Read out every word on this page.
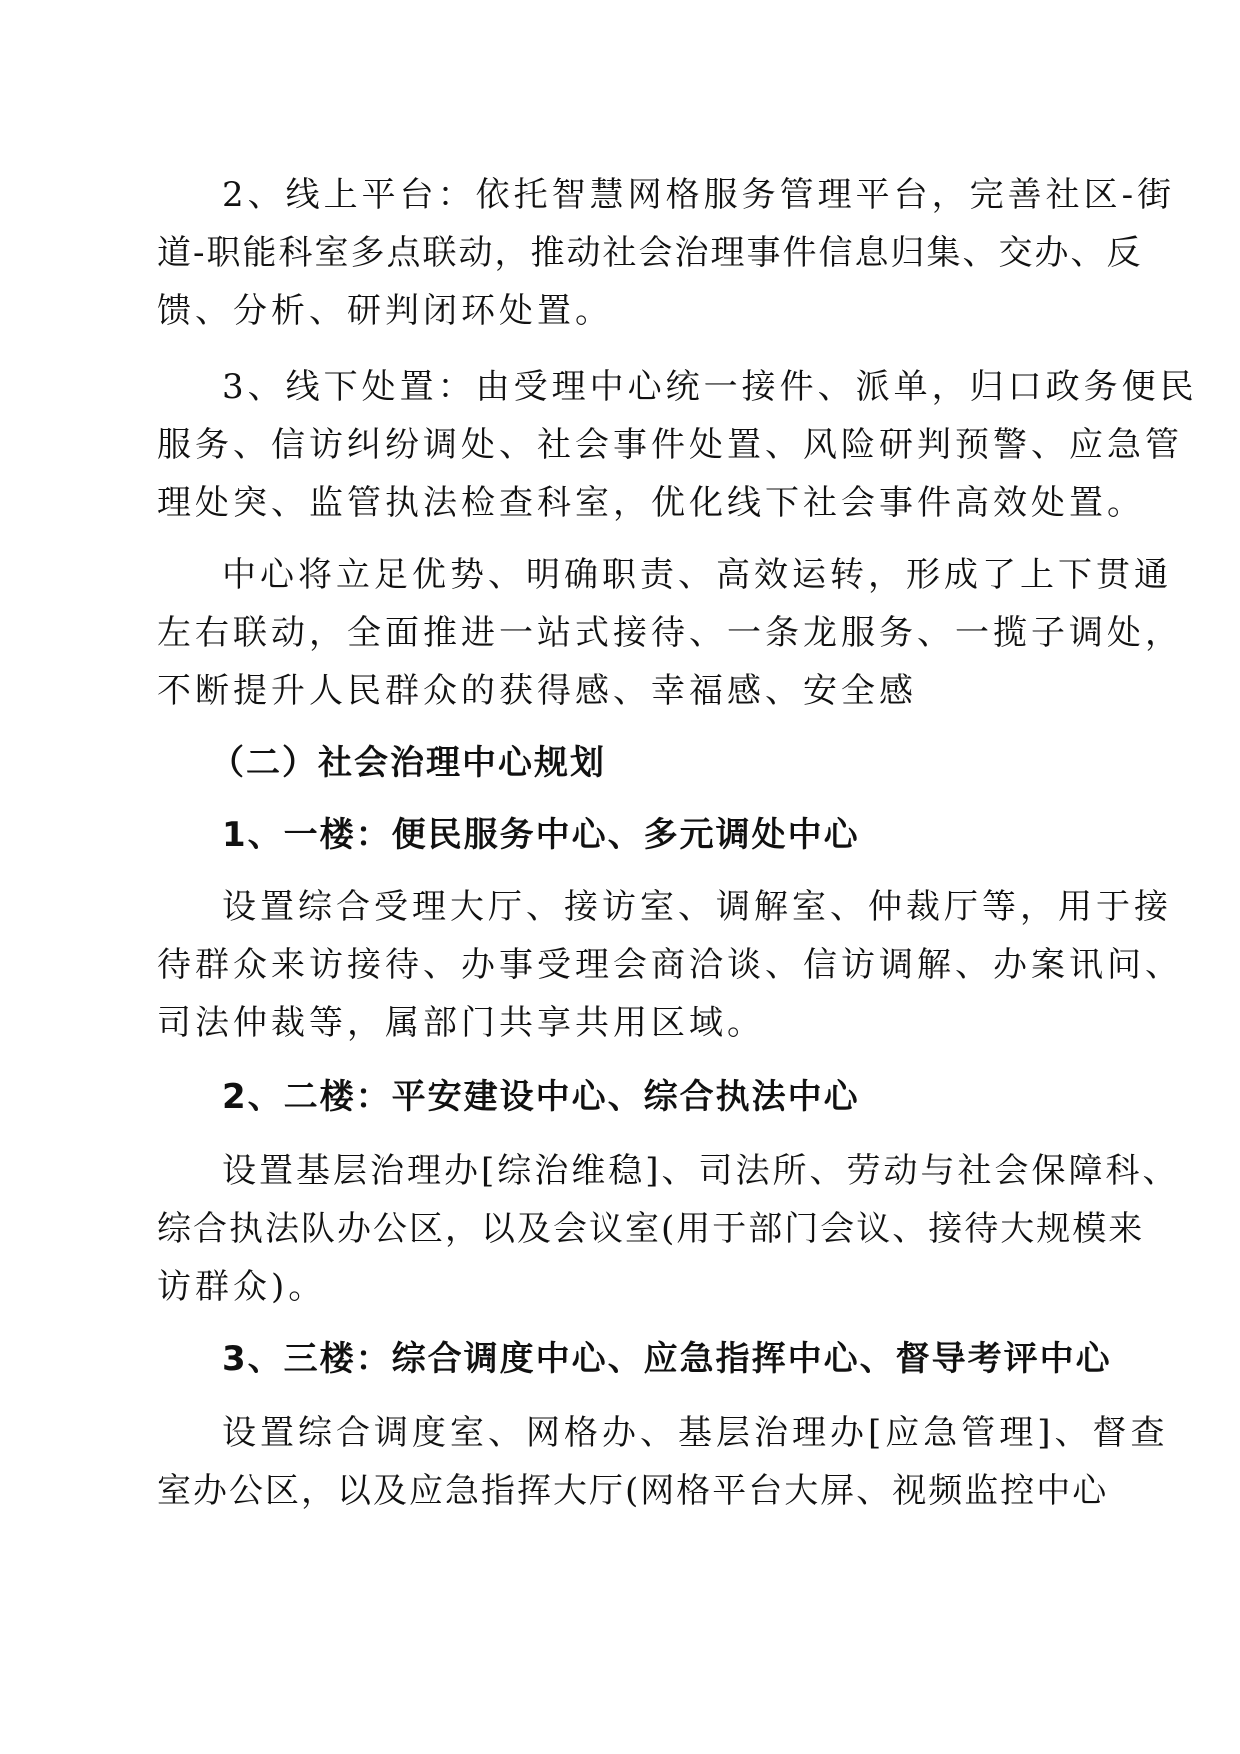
2、线上平台：依托智慧网格服务管理平台，完善社区-街
道-职能科室多点联动，推动社会治理事件信息归集、交办、反
馈、分析、研判闭环处置。
3、线下处置：由受理中心统一接件、派单，归口政务便民
服务、信访纠纷调处、社会事件处置、风险研判预警、应急管
理处突、监管执法检查科室，优化线下社会事件高效处置。
中心将立足优势、明确职责、高效运转，形成了上下贯通
左右联动，全面推进一站式接待、一条龙服务、一揽子调处，
不断提升人民群众的获得感、幸福感、安全感
（二）社会治理中心规划
1、一楼：便民服务中心、多元调处中心
设置综合受理大厅、接访室、调解室、仲裁厅等，用于接
待群众来访接待、办事受理会商洽谈、信访调解、办案讯问、
司法仲裁等，属部门共享共用区域。
2、二楼：平安建设中心、综合执法中心
设置基层治理办[综治维稳]、司法所、劳动与社会保障科、
综合执法队办公区，以及会议室(用于部门会议、接待大规模来
访群众)。
3、三楼：综合调度中心、应急指挥中心、督导考评中心
设置综合调度室、网格办、基层治理办[应急管理]、督查
室办公区，以及应急指挥大厅(网格平台大屏、视频监控中心
